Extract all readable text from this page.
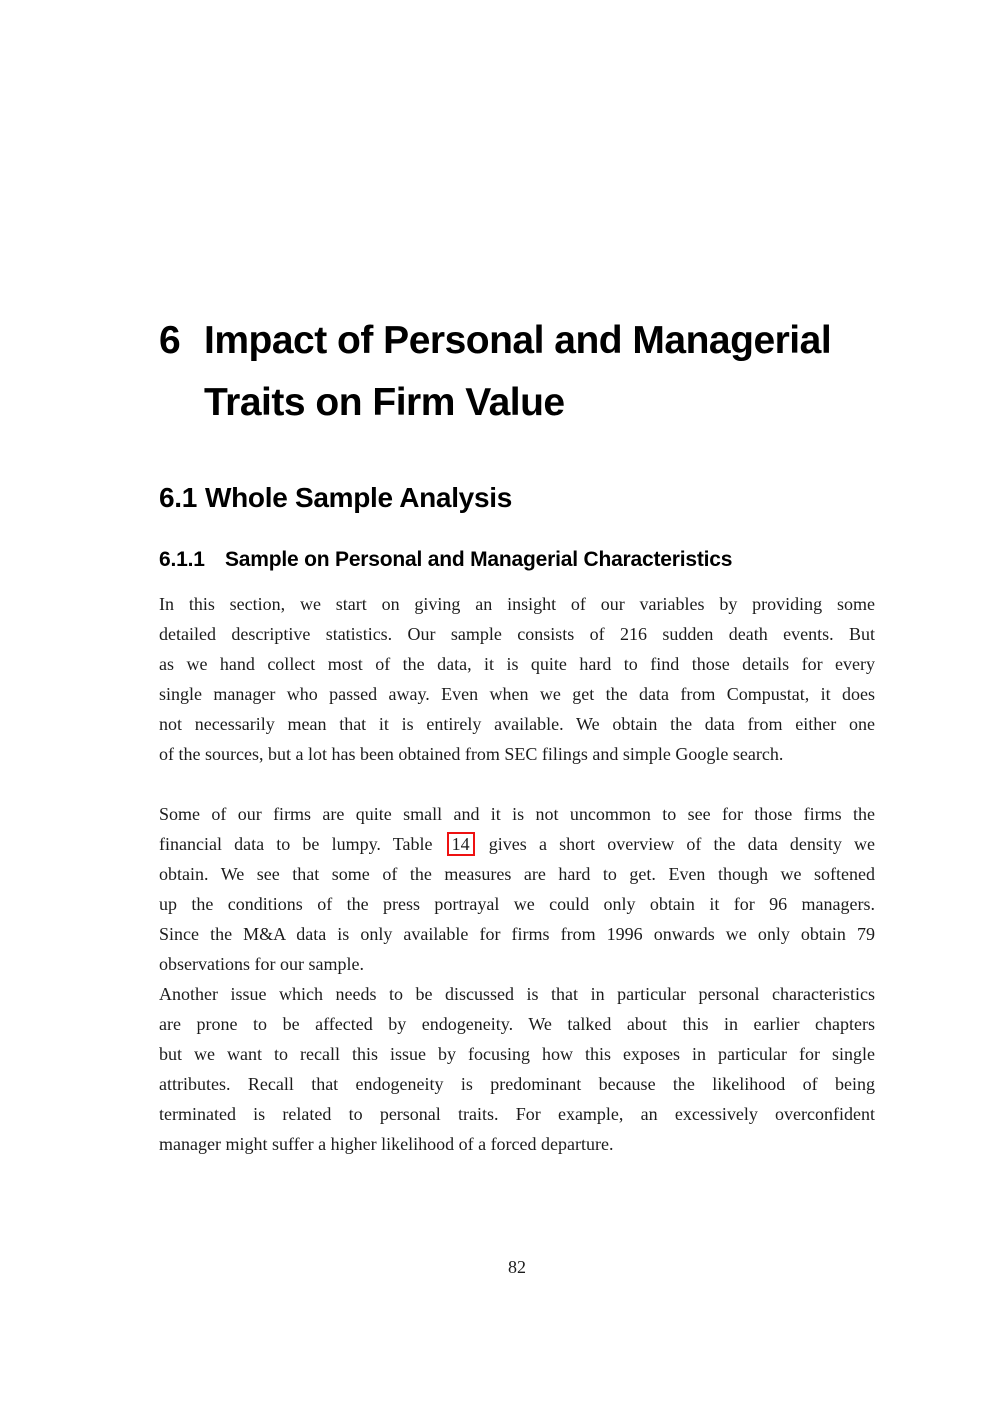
6 Impact of Personal and Managerial
Traits on Firm Value
6.1 Whole Sample Analysis
6.1.1 Sample on Personal and Managerial Characteristics
In this section, we start on giving an insight of our variables by providing some
detailed descriptive statistics. Our sample consists of 216 sudden death events. But
as we hand collect most of the data, it is quite hard to find those details for every
single manager who passed away. Even when we get the data from Compustat, it does
not necessarily mean that it is entirely available. We obtain the data from either one
of the sources, but a lot has been obtained from SEC filings and simple Google search.
Some of our firms are quite small and it is not uncommon to see for those firms the
financial data to be lumpy. Table 14 gives a short overview of the data density we
obtain. We see that some of the measures are hard to get. Even though we softened
up the conditions of the press portrayal we could only obtain it for 96 managers.
Since the M&A data is only available for firms from 1996 onwards we only obtain 79
observations for our sample.
Another issue which needs to be discussed is that in particular personal characteristics
are prone to be affected by endogeneity. We talked about this in earlier chapters
but we want to recall this issue by focusing how this exposes in particular for single
attributes. Recall that endogeneity is predominant because the likelihood of being
terminated is related to personal traits. For example, an excessively overconfident
manager might suffer a higher likelihood of a forced departure.
82
